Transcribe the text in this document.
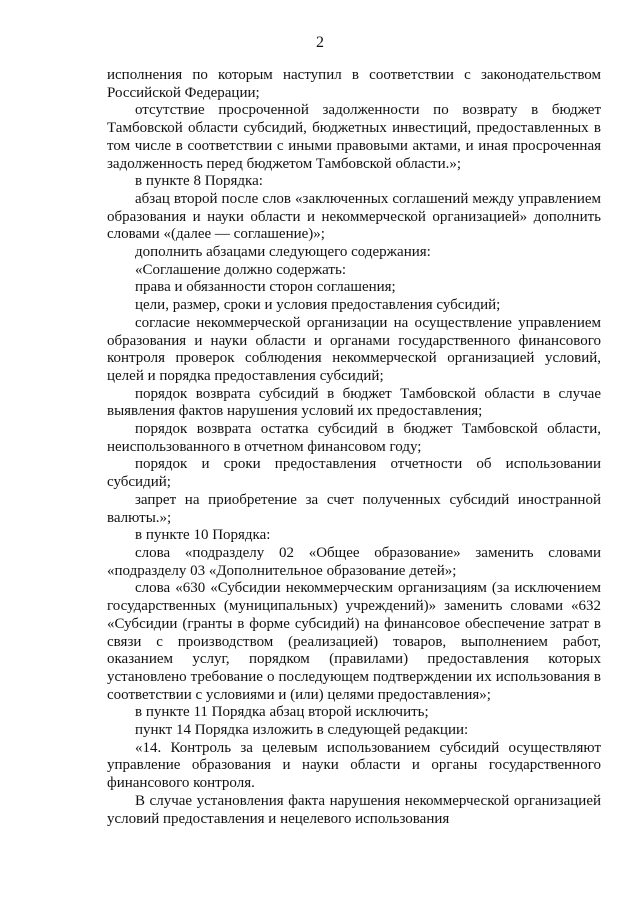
2

исполнения по которым наступил в соответствии с законодательством Российской Федерации;

отсутствие просроченной задолженности по возврату в бюджет Тамбовской области субсидий, бюджетных инвестиций, предоставленных в том числе в соответствии с иными правовыми актами, и иная просроченная задолженность перед бюджетом Тамбовской области.»;

в пункте 8 Порядка:

абзац второй после слов «заключенных соглашений между управлением образования и науки области и некоммерческой организацией» дополнить словами «(далее — соглашение)»;

дополнить абзацами следующего содержания:

«Соглашение должно содержать:

права и обязанности сторон соглашения;

цели, размер, сроки и условия предоставления субсидий;

согласие некоммерческой организации на осуществление управлением образования и науки области и органами государственного финансового контроля проверок соблюдения некоммерческой организацией условий, целей и порядка предоставления субсидий;

порядок возврата субсидий в бюджет Тамбовской области в случае выявления фактов нарушения условий их предоставления;

порядок возврата остатка субсидий в бюджет Тамбовской области, неиспользованного в отчетном финансовом году;

порядок и сроки предоставления отчетности об использовании субсидий;

запрет на приобретение за счет полученных субсидий иностранной валюты.»;

в пункте 10 Порядка:

слова «подразделу 02 «Общее образование» заменить словами «подразделу 03 «Дополнительное образование детей»;

слова «630 «Субсидии некоммерческим организациям (за исключением государственных (муниципальных) учреждений)» заменить словами «632 «Субсидии (гранты в форме субсидий) на финансовое обеспечение затрат в связи с производством (реализацией) товаров, выполнением работ, оказанием услуг, порядком (правилами) предоставления которых установлено требование о последующем подтверждении их использования в соответствии с условиями и (или) целями предоставления»;

в пункте 11 Порядка абзац второй исключить;

пункт 14 Порядка изложить в следующей редакции:

«14. Контроль за целевым использованием субсидий осуществляют управление образования и науки области и органы государственного финансового контроля.

В случае установления факта нарушения некоммерческой организацией условий предоставления и нецелевого использования
